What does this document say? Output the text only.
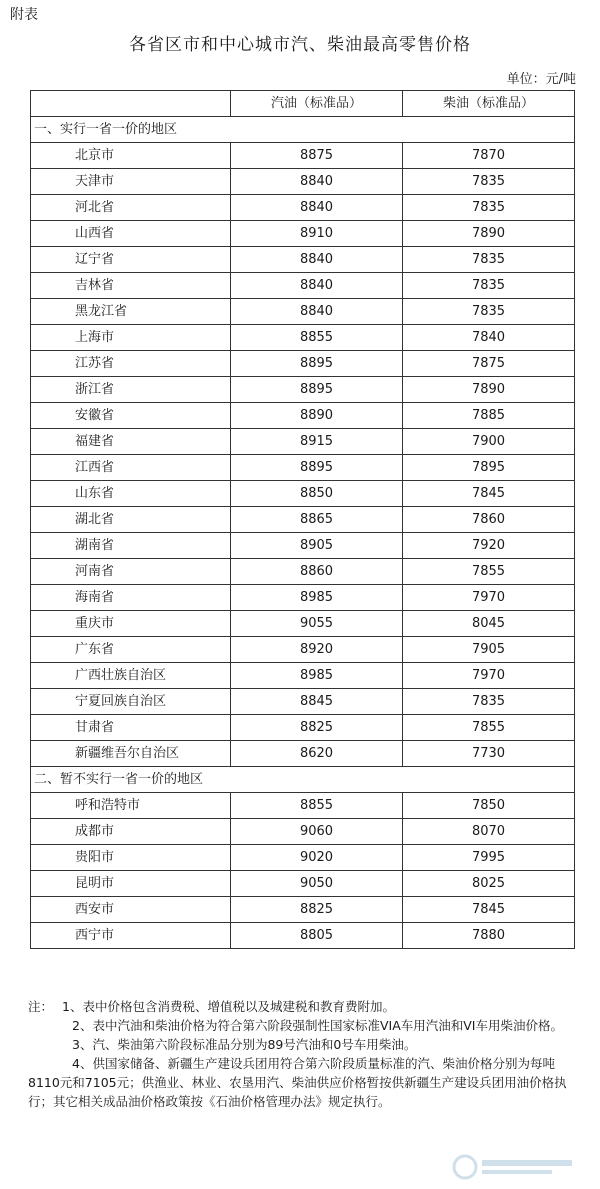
附表
各省区市和中心城市汽、柴油最高零售价格
单位：元/吨
	汽油（标准品）	柴油（标准品）
一、实行一省一价的地区		
北京市	8875	7870
天津市	8840	7835
河北省	8840	7835
山西省	8910	7890
辽宁省	8840	7835
吉林省	8840	7835
黑龙江省	8840	7835
上海市	8855	7840
江苏省	8895	7875
浙江省	8895	7890
安徽省	8890	7885
福建省	8915	7900
江西省	8895	7895
山东省	8850	7845
湖北省	8865	7860
湖南省	8905	7920
河南省	8860	7855
海南省	8985	7970
重庆市	9055	8045
广东省	8920	7905
广西壮族自治区	8985	7970
宁夏回族自治区	8845	7835
甘肃省	8825	7855
新疆维吾尔自治区	8620	7730
二、暂不实行一省一价的地区		
呼和浩特市	8855	7850
成都市	9060	8070
贵阳市	9020	7995
昆明市	9050	8025
西安市	8825	7845
西宁市	8805	7880
注： 1、表中价格包含消费税、增值税以及城建税和教育费附加。
2、表中汽油和柴油价格为符合第六阶段强制性国家标准VIA车用汽油和VI车用柴油价格。
3、汽、柴油第六阶段标准品分别为89号汽油和0号车用柴油。
4、供国家储备、新疆生产建设兵团用符合第六阶段质量标准的汽、柴油价格分别为每吨8110元和7105元；供渔业、林业、农垦用汽、柴油供应价格暂按供新疆生产建设兵团用油价格执行；其它相关成品油价格政策按《石油价格管理办法》规定执行。
